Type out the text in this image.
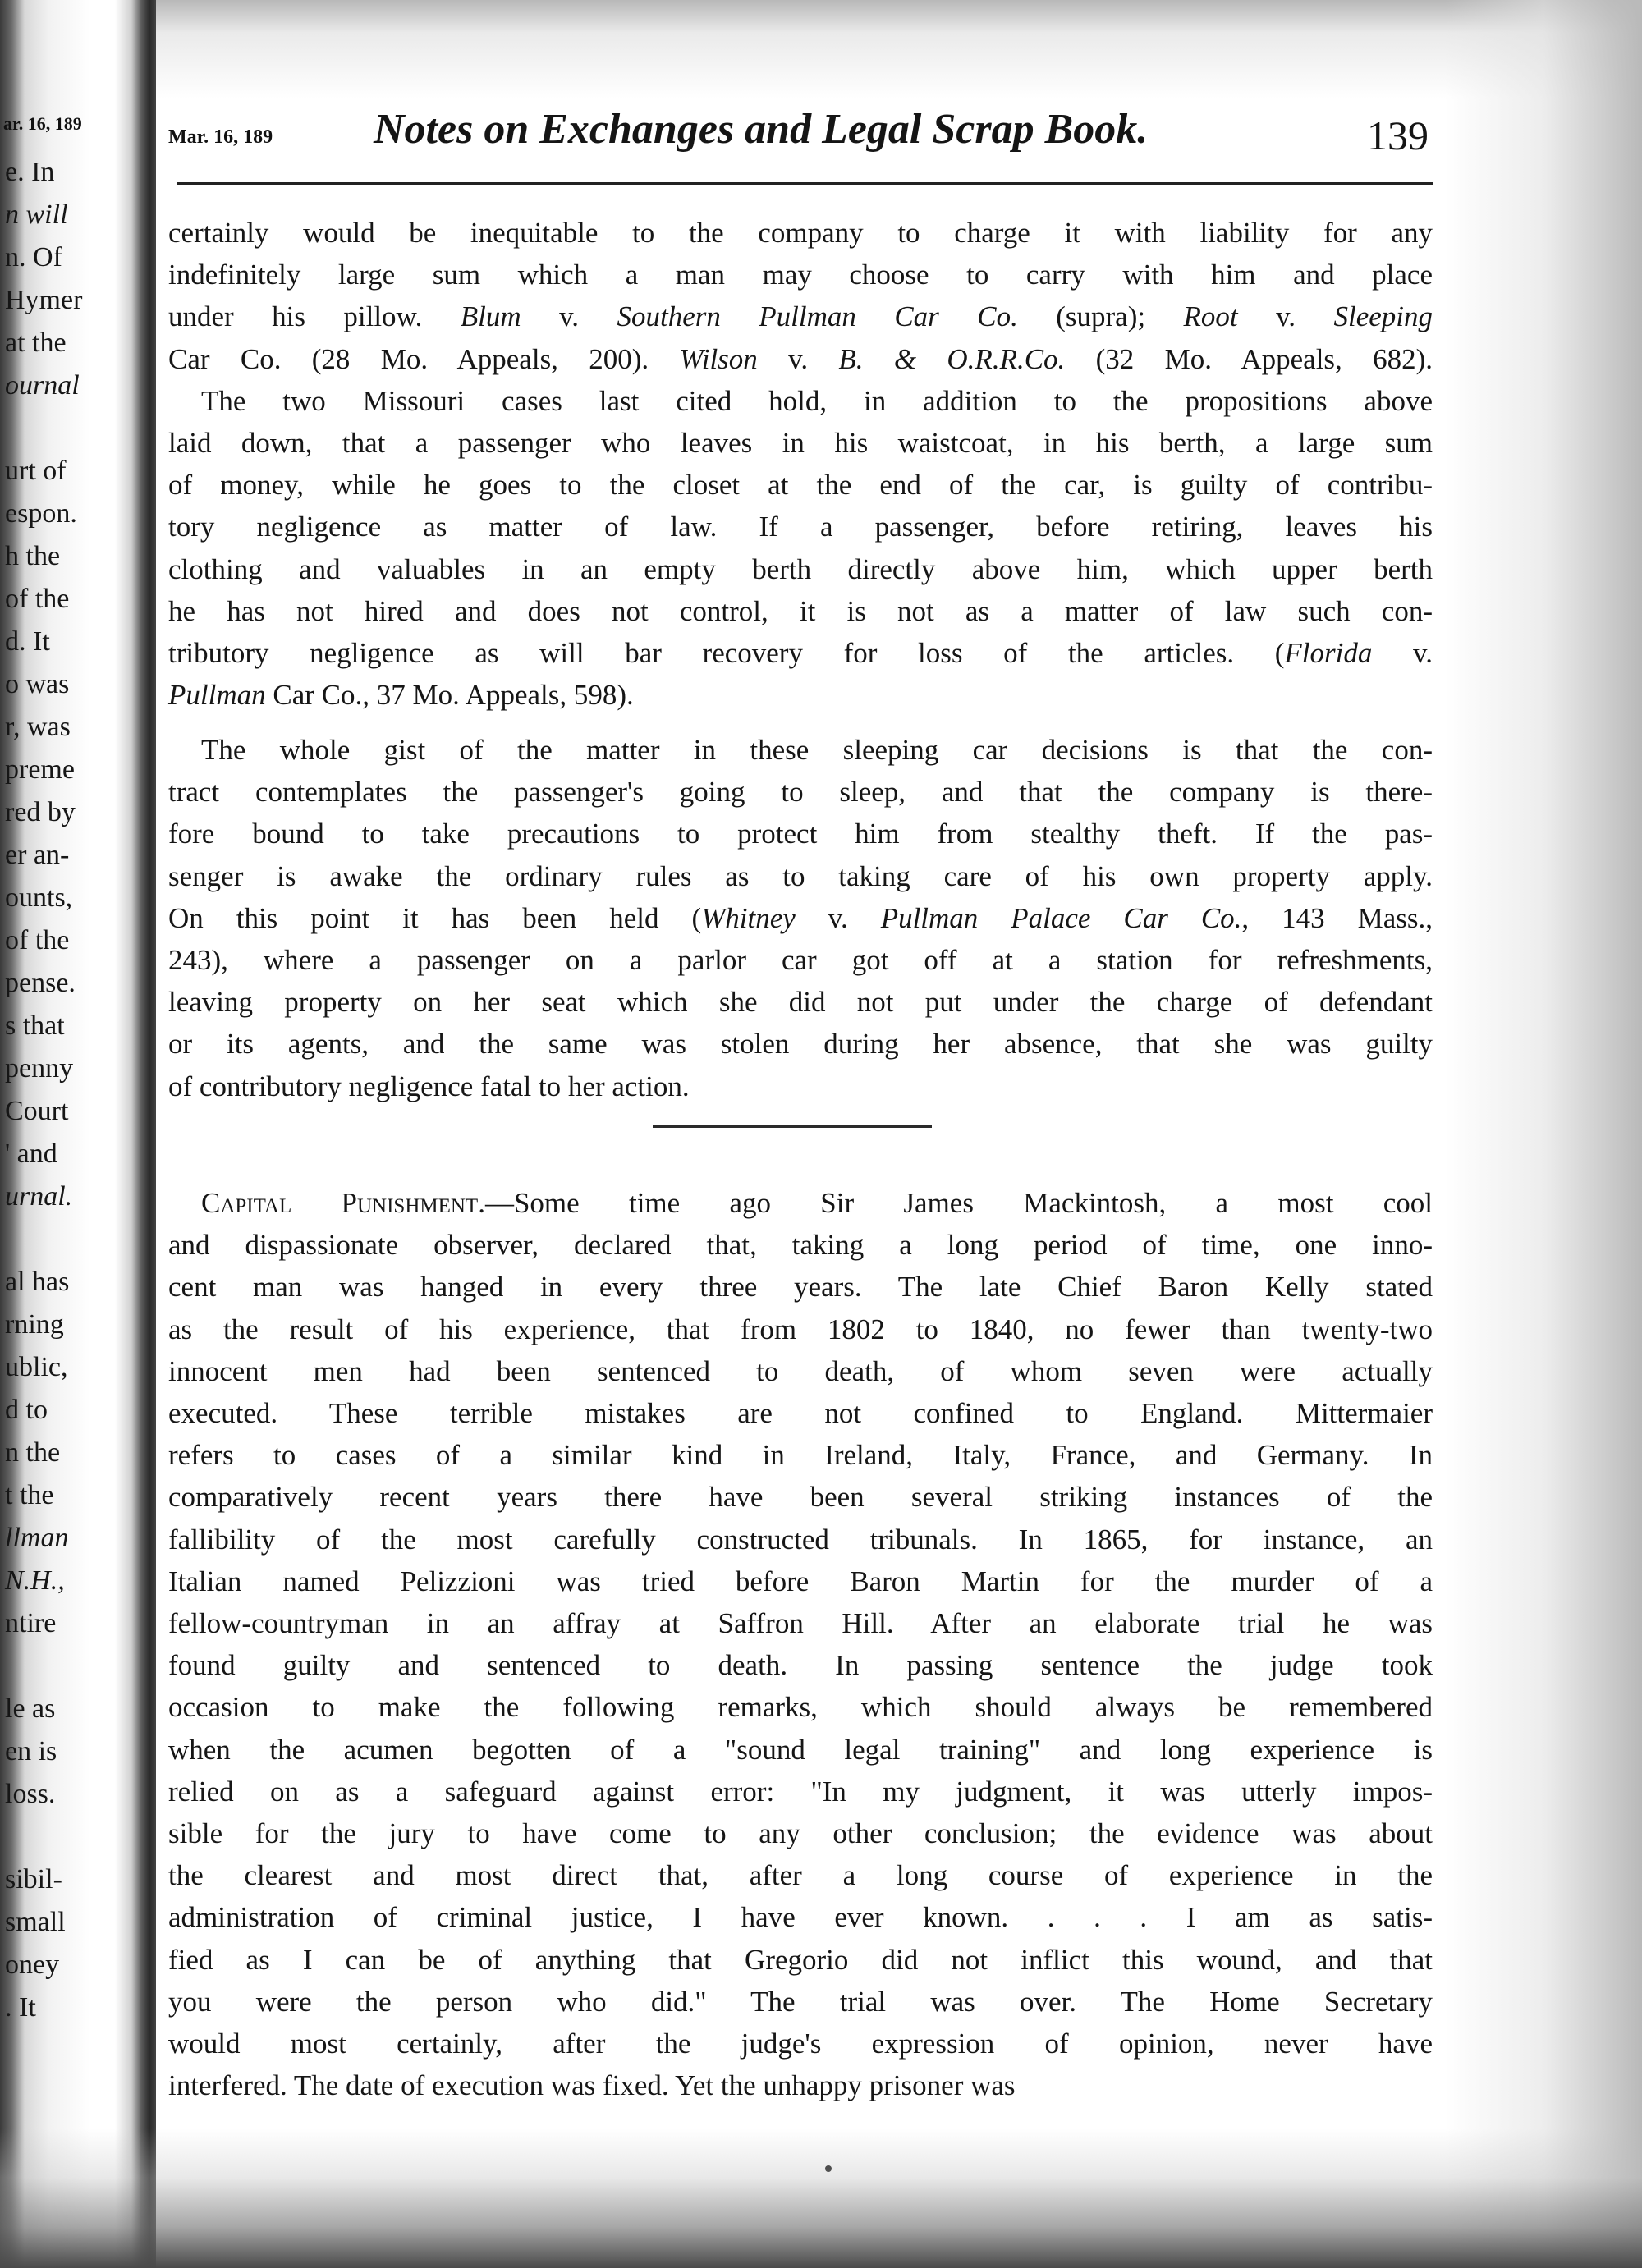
ar. 16, 189
e. In
n will
n. Of
Hymer
at the
ournal
urt of
espon.
h the
of the
d. It
o was
r, was
preme
red by
er an-
ounts,
of the
pense.
s that
penny
Court
' and
urnal.
al has
rning
ublic,
d to
n the
t the
llman
N.H.,
ntire
le as
en is
loss.
sibil-
small
oney
. It
Mar. 16, 189 Notes on Exchanges and Legal Scrap Book.	139
certainly would be inequitable to the company to charge it with liability for any
indefinitely large sum which a man may choose to carry with him and place
under his pillow. Blum v. Southern Pullman Car Co. (supra); Root v. Sleeping
Car Co. (28 Mo. Appeals, 200). Wilson v. B. & O.R.R.Co. (32 Mo. Appeals, 682).
The two Missouri cases last cited hold, in addition to the propositions above
laid down, that a passenger who leaves in his waistcoat, in his berth, a large sum
of money, while he goes to the closet at the end of the car, is guilty of contribu-
tory negligence as matter of law. If a passenger, before retiring, leaves his
clothing and valuables in an empty berth directly above him, which upper berth
he has not hired and does not control, it is not as a matter of law such con-
tributory negligence as will bar recovery for loss of the articles. (Florida v.
Pullman Car Co., 37 Mo. Appeals, 598).
The whole gist of the matter in these sleeping car decisions is that the con-
tract contemplates the passenger's going to sleep, and that the company is there-
fore bound to take precautions to protect him from stealthy theft. If the pas-
senger is awake the ordinary rules as to taking care of his own property apply.
On this point it has been held (Whitney v. Pullman Palace Car Co., 143 Mass.,
243), where a passenger on a parlor car got off at a station for refreshments,
leaving property on her seat which she did not put under the charge of defendant
or its agents, and the same was stolen during her absence, that she was guilty
of contributory negligence fatal to her action.
Capital Punishment.—Some time ago Sir James Mackintosh, a most cool
and dispassionate observer, declared that, taking a long period of time, one inno-
cent man was hanged in every three years. The late Chief Baron Kelly stated
as the result of his experience, that from 1802 to 1840, no fewer than twenty-two
innocent men had been sentenced to death, of whom seven were actually
executed. These terrible mistakes are not confined to England. Mittermaier
refers to cases of a similar kind in Ireland, Italy, France, and Germany. In
comparatively recent years there have been several striking instances of the
fallibility of the most carefully constructed tribunals. In 1865, for instance, an
Italian named Pelizzioni was tried before Baron Martin for the murder of a
fellow-countryman in an affray at Saffron Hill. After an elaborate trial he was
found guilty and sentenced to death. In passing sentence the judge took
occasion to make the following remarks, which should always be remembered
when the acumen begotten of a "sound legal training" and long experience is
relied on as a safeguard against error: "In my judgment, it was utterly impos-
sible for the jury to have come to any other conclusion; the evidence was about
the clearest and most direct that, after a long course of experience in the
administration of criminal justice, I have ever known. . . . I am as satis-
fied as I can be of anything that Gregorio did not inflict this wound, and that
you were the person who did." The trial was over. The Home Secretary
would most certainly, after the judge's expression of opinion, never have
interfered. The date of execution was fixed. Yet the unhappy prisoner was
